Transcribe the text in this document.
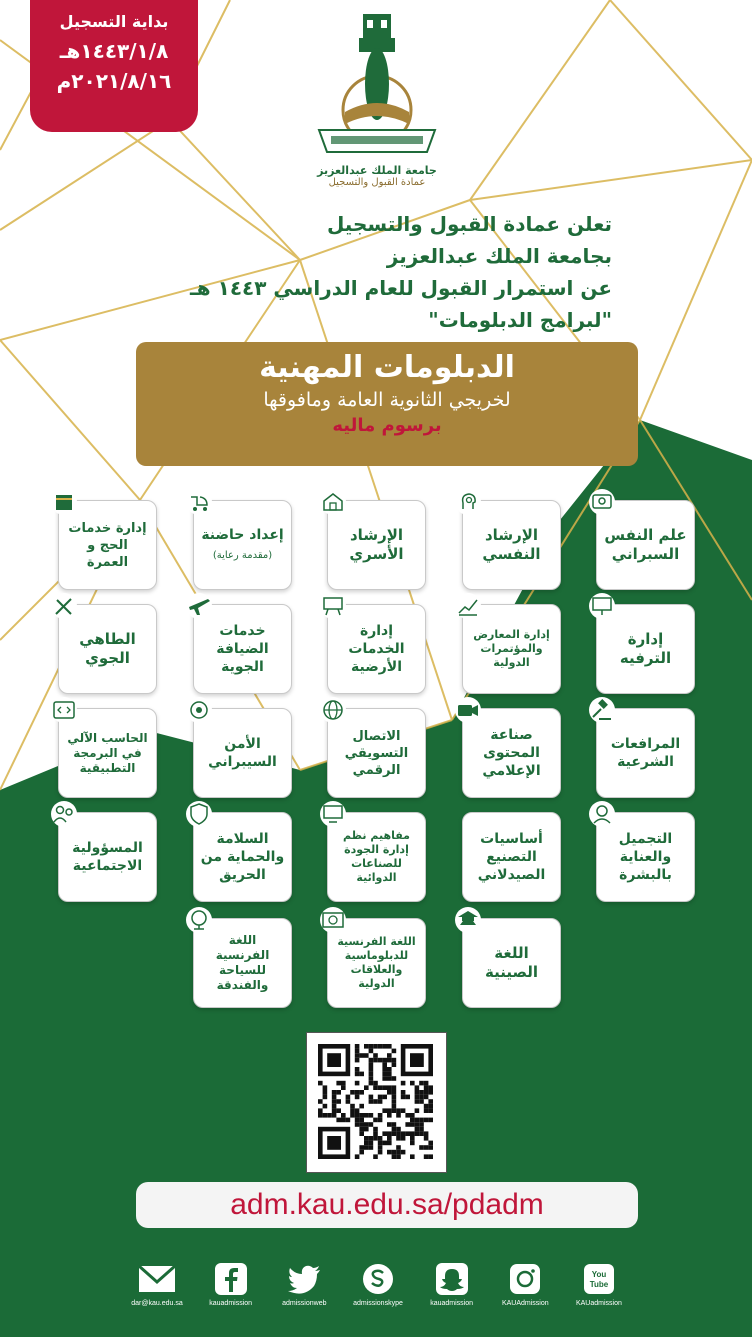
بداية التسجيل
١٤٤٣/١/٨هـ
٢٠٢١/٨/١٦م
جامعة الملك عبدالعزيز
عمادة القبول والتسجيل
تعلن عمادة القبول والتسجيل
بجامعة الملك عبدالعزيز
عن استمرار القبول للعام الدراسي ١٤٤٣ هـ
"لبرامج الدبلومات"
الدبلومات المهنية
لخريجي الثانوية العامة ومافوقها
برسوم ماليه
علم النفس السبراني
الإرشاد النفسي
الإرشاد الأسري
إعداد حاضنة
(مقدمة رعاية)
إدارة خدمات الحج و العمرة
إدارة الترفيه
إدارة المعارض والمؤتمرات الدولية
إدارة الخدمات الأرضية
خدمات الضيافة الجوية
الطاهي الجوي
المرافعات الشرعية
صناعة المحتوى الإعلامي
الاتصال التسويقي الرقمي
الأمن السيبراني
الحاسب الآلي في البرمجة التطبيقية
التجميل والعناية بالبشرة
أساسيات التصنيع الصيدلاني
مفاهيم نظم إدارة الجودة للصناعات الدوائية
السلامة والحماية من الحريق
المسؤولية الاجتماعية
اللغة الصينية
اللغة الفرنسية للدبلوماسية والعلاقات الدولية
اللغة الفرنسية للسياحة والفندقة
adm.kau.edu.sa/pdadm
dar@kau.edu.sa	kauadmission	admissionweb	admissionskype	kauadmission	KAUAdmission
You
Tube
KAUadmission
